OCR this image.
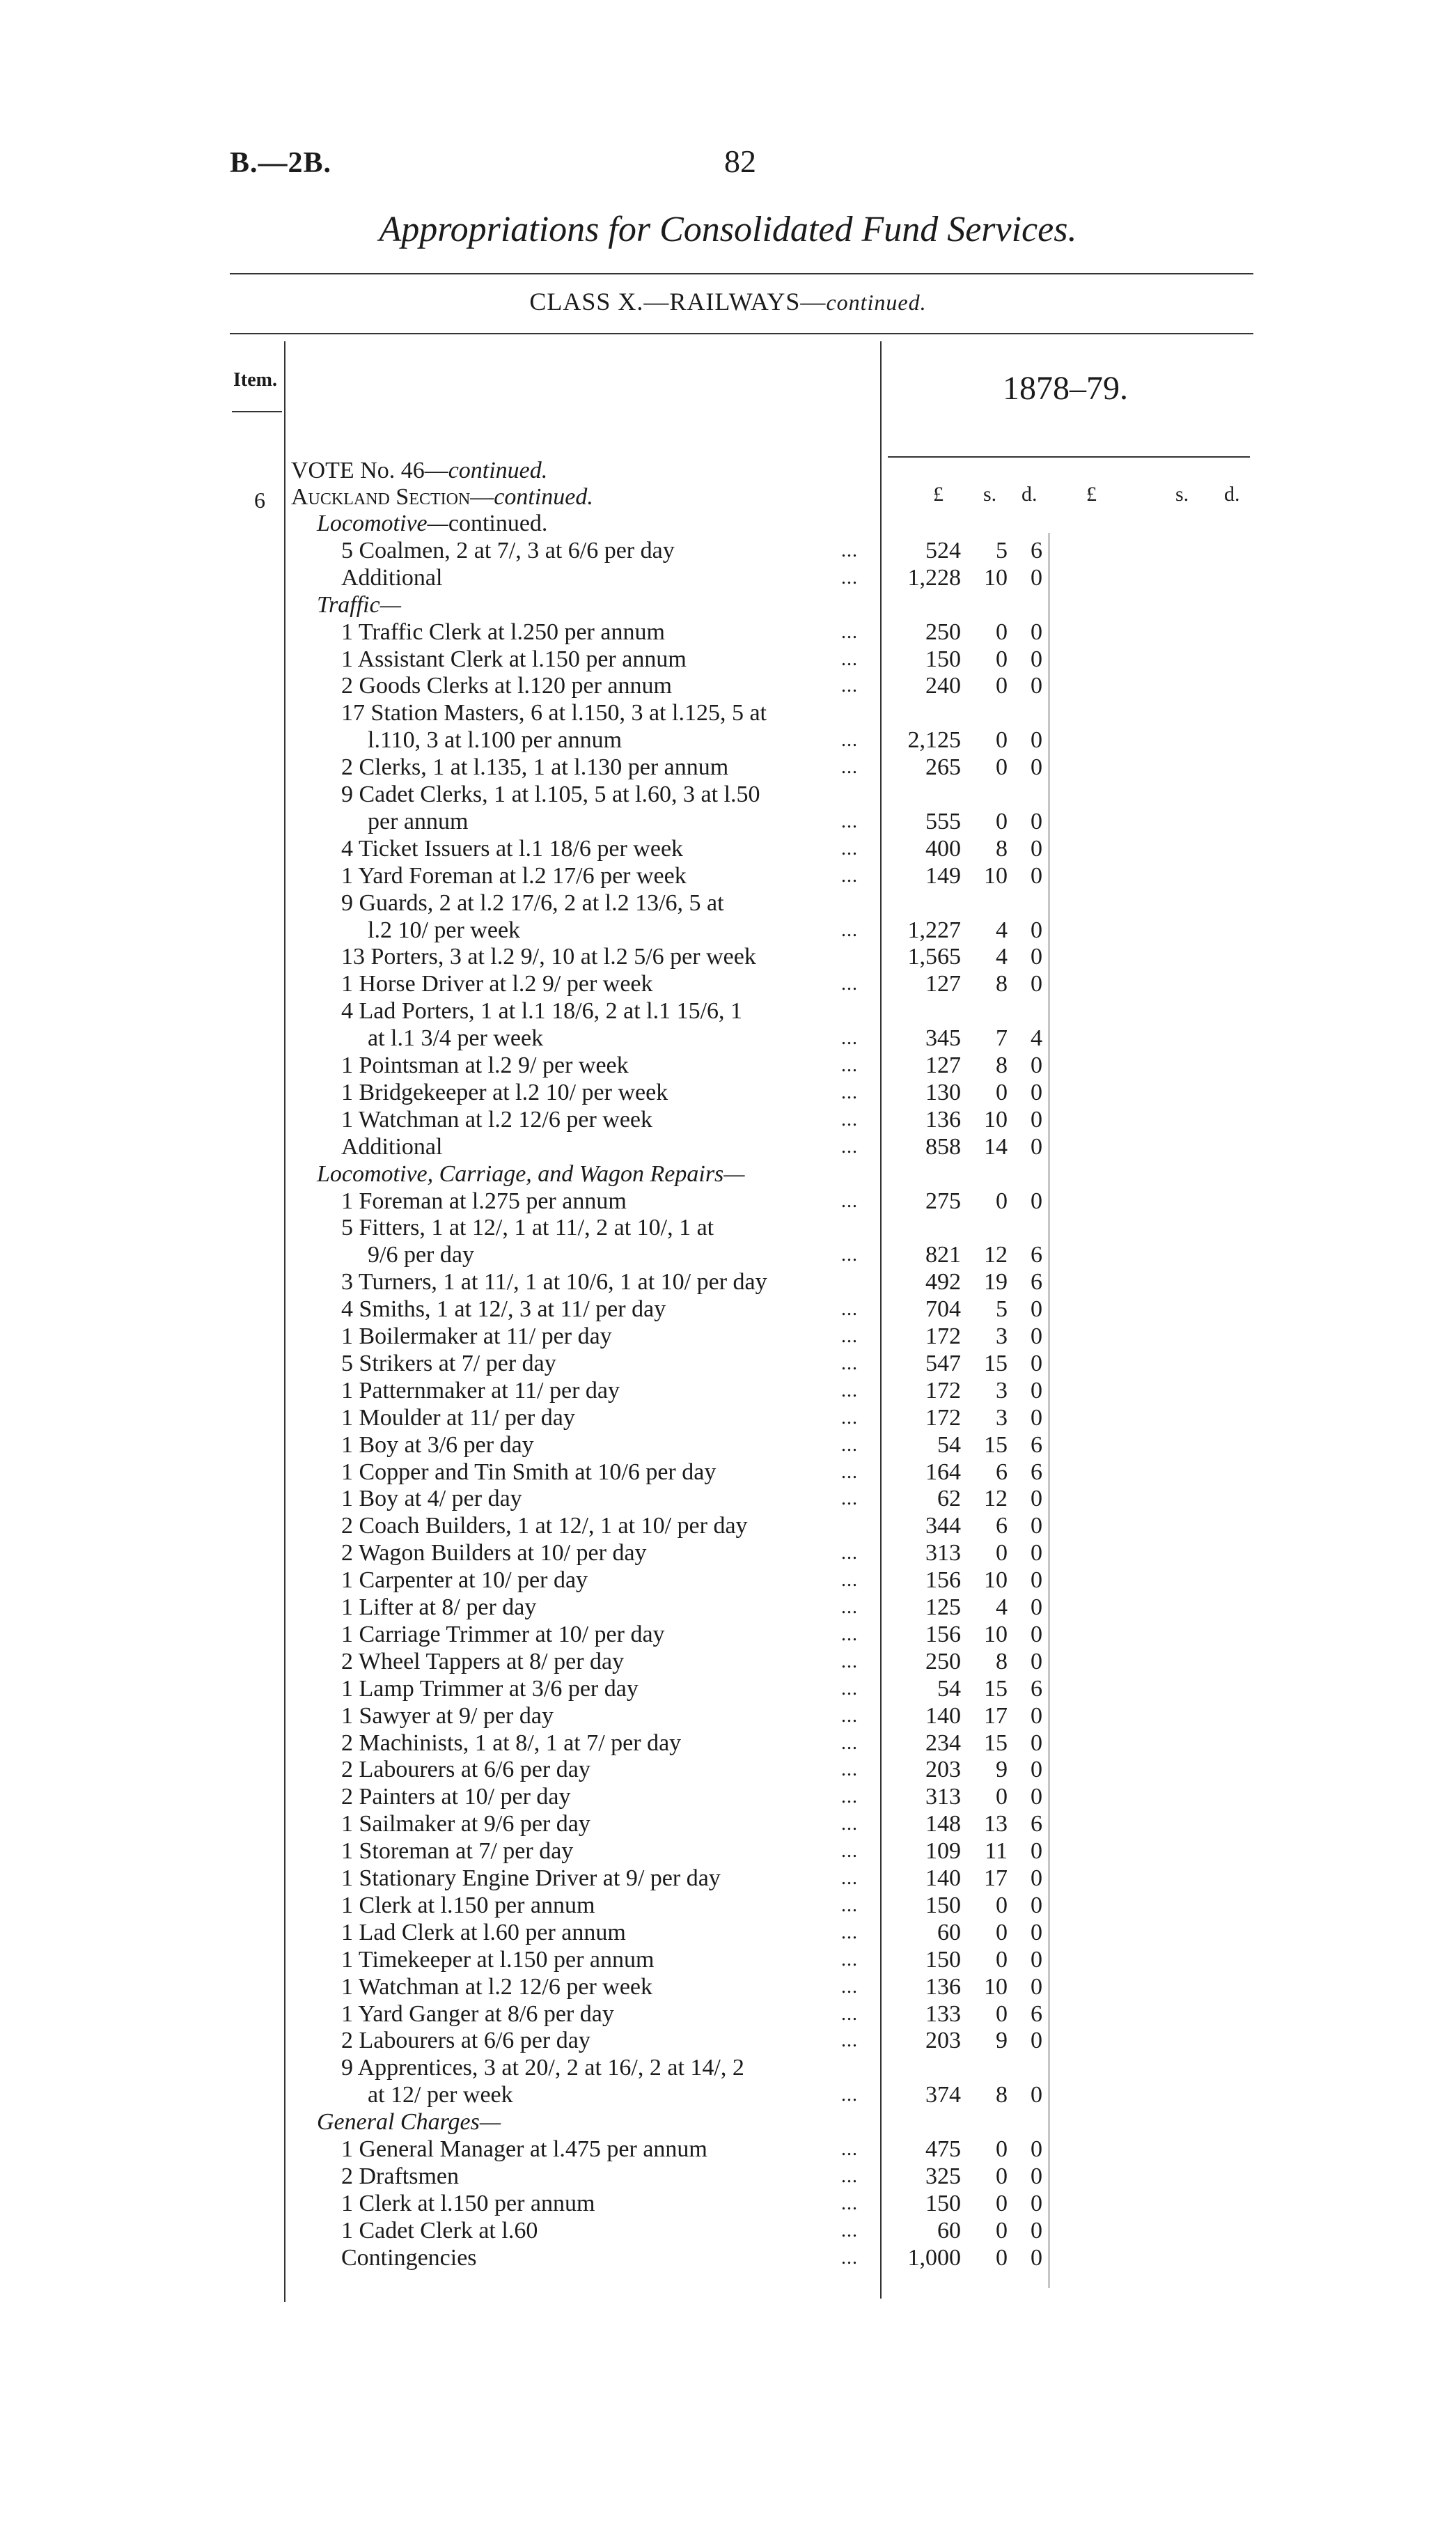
B.—2B.	82
Appropriations for Consolidated Fund Services.
CLASS X.—RAILWAYS—continued.
Item.	1878–79.
£ s. d. £	s. d.
6
VOTE No. 46—continued.
Auckland Section—continued.
Locomotive—continued.
5 Coalmen, 2 at 7/, 3 at 6/6 per day	...	524 5 6
Additional	... 1,228 10 0
Traffic—
1 Traffic Clerk at l.250 per annum	...	250 0 0
1 Assistant Clerk at l.150 per annum	...	150 0 0
2 Goods Clerks at l.120 per annum	...	240 0 0
17 Station Masters, 6 at l.150, 3 at l.125, 5 at
l.110, 3 at l.100 per annum	... 2,125 0 0
2 Clerks, 1 at l.135, 1 at l.130 per annum	...	265 0 0
9 Cadet Clerks, 1 at l.105, 5 at l.60, 3 at l.50
per annum	...	555 0 0
4 Ticket Issuers at l.1 18/6 per week	...	400 8 0
1 Yard Foreman at l.2 17/6 per week	...	149 10 0
9 Guards, 2 at l.2 17/6, 2 at l.2 13/6, 5 at
l.2 10/ per week	... 1,227 4 0
13 Porters, 3 at l.2 9/, 10 at l.2 5/6 per week	1,565 4 0
1 Horse Driver at l.2 9/ per week	...	127 8 0
4 Lad Porters, 1 at l.1 18/6, 2 at l.1 15/6, 1
at l.1 3/4 per week	...	345 7 4
1 Pointsman at l.2 9/ per week	...	127 8 0
1 Bridgekeeper at l.2 10/ per week	...	130 0 0
1 Watchman at l.2 12/6 per week	...	136 10 0
Additional	...	858 14 0
Locomotive, Carriage, and Wagon Repairs—
1 Foreman at l.275 per annum	...	275 0 0
5 Fitters, 1 at 12/, 1 at 11/, 2 at 10/, 1 at
9/6 per day	...	821 12 6
3 Turners, 1 at 11/, 1 at 10/6, 1 at 10/ per day	492 19 6
4 Smiths, 1 at 12/, 3 at 11/ per day	...	704 5 0
1 Boilermaker at 11/ per day	...	172 3 0
5 Strikers at 7/ per day	...	547 15 0
1 Patternmaker at 11/ per day	...	172 3 0
1 Moulder at 11/ per day	...	172 3 0
1 Boy at 3/6 per day	...	54 15 6
1 Copper and Tin Smith at 10/6 per day	...	164 6 6
1 Boy at 4/ per day	...	62 12 0
2 Coach Builders, 1 at 12/, 1 at 10/ per day	344 6 0
2 Wagon Builders at 10/ per day	...	313 0 0
1 Carpenter at 10/ per day	...	156 10 0
1 Lifter at 8/ per day	...	125 4 0
1 Carriage Trimmer at 10/ per day	...	156 10 0
2 Wheel Tappers at 8/ per day	...	250 8 0
1 Lamp Trimmer at 3/6 per day	...	54 15 6
1 Sawyer at 9/ per day	...	140 17 0
2 Machinists, 1 at 8/, 1 at 7/ per day	...	234 15 0
2 Labourers at 6/6 per day	...	203 9 0
2 Painters at 10/ per day	...	313 0 0
1 Sailmaker at 9/6 per day	...	148 13 6
1 Storeman at 7/ per day	...	109 11 0
1 Stationary Engine Driver at 9/ per day	...	140 17 0
1 Clerk at l.150 per annum	...	150 0 0
1 Lad Clerk at l.60 per annum	...	60 0 0
1 Timekeeper at l.150 per annum	...	150 0 0
1 Watchman at l.2 12/6 per week	...	136 10 0
1 Yard Ganger at 8/6 per day	...	133 0 6
2 Labourers at 6/6 per day	...	203 9 0
9 Apprentices, 3 at 20/, 2 at 16/, 2 at 14/, 2
at 12/ per week	...	374 8 0
General Charges—
1 General Manager at l.475 per annum	...	475 0 0
2 Draftsmen	...	325 0 0
1 Clerk at l.150 per annum	...	150 0 0
1 Cadet Clerk at l.60	...	60 0 0
Contingencies	... 1,000 0 0
